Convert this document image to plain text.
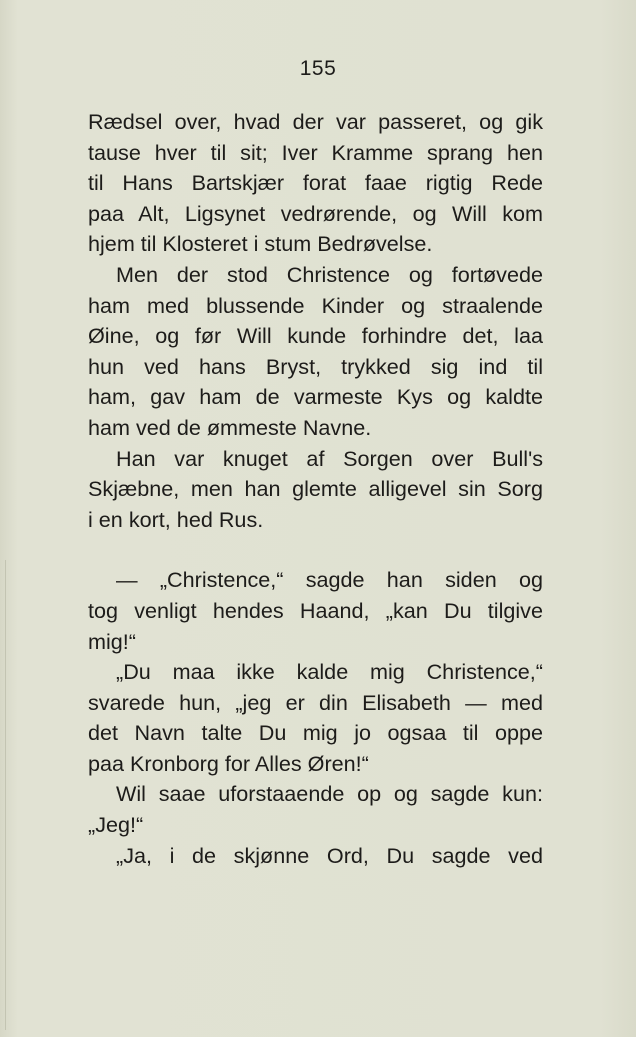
155
Rædsel over, hvad der var passeret, og gik
tause hver til sit; Iver Kramme sprang hen
til Hans Bartskjær forat faae rigtig Rede
paa Alt, Ligsynet vedrørende, og Will kom
hjem til Klosteret i stum Bedrøvelse.
Men der stod Christence og fortøvede
ham med blussende Kinder og straalende
Øine, og før Will kunde forhindre det, laa
hun ved hans Bryst, trykked sig ind til
ham, gav ham de varmeste Kys og kaldte
ham ved de ømmeste Navne.
Han var knuget af Sorgen over Bull's
Skjæbne, men han glemte alligevel sin Sorg
i en kort, hed Rus.
— „Christence,“ sagde han siden og
tog venligt hendes Haand, „kan Du tilgive
mig!“
„Du maa ikke kalde mig Christence,“
svarede hun, „jeg er din Elisabeth — med
det Navn talte Du mig jo ogsaa til oppe
paa Kronborg for Alles Øren!“
Wil saae uforstaaende op og sagde kun:
„Jeg!“
„Ja, i de skjønne Ord, Du sagde ved
